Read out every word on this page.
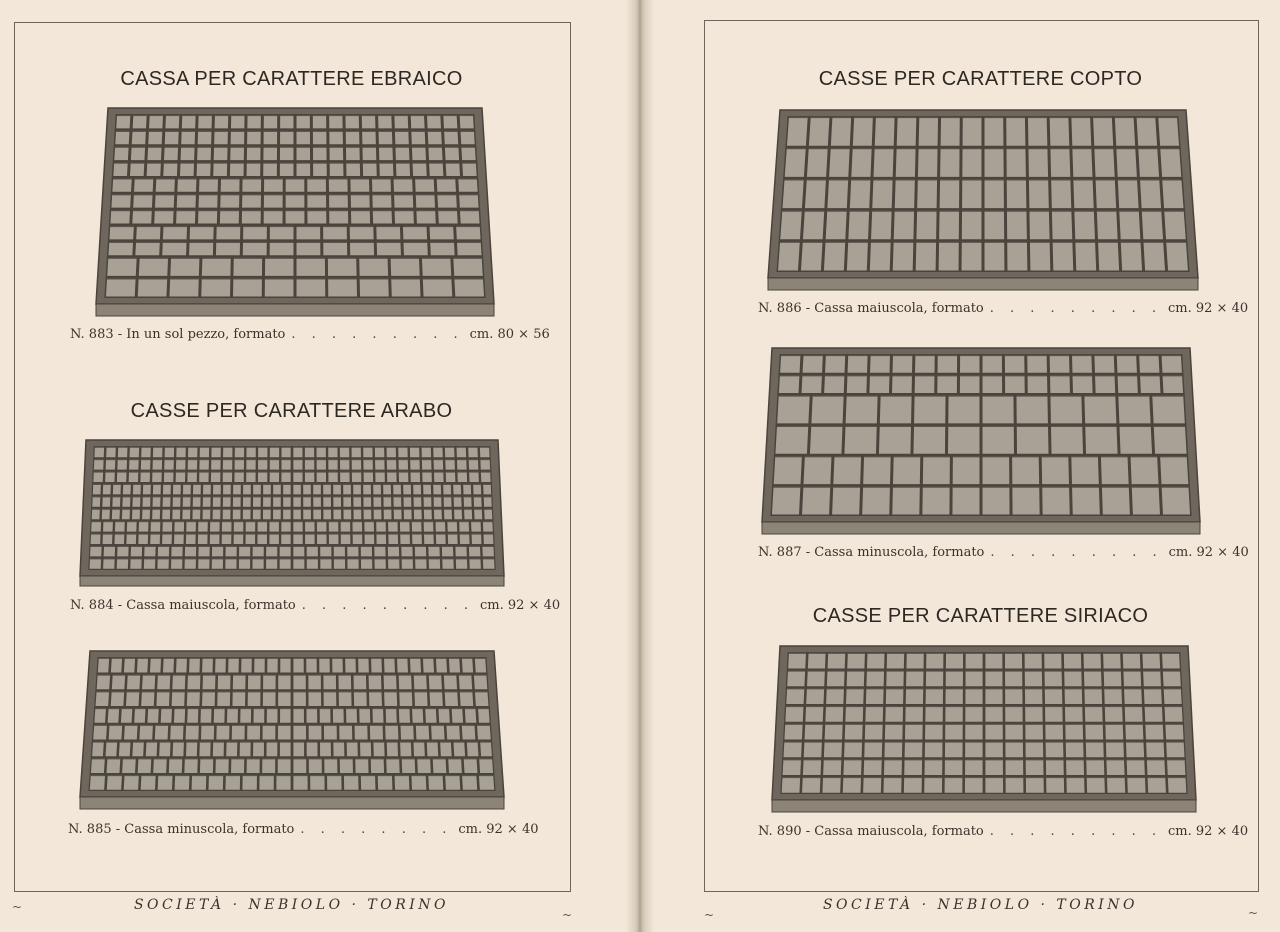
CASSA PER CARATTERE EBRAICO
N. 883 - In un sol pezzo, formato . . . . . . . . . cm. 80 × 56
CASSE PER CARATTERE ARABO
N. 884 - Cassa maiuscola, formato . . . . . . . . . cm. 92 × 40
N. 885 - Cassa minuscola, formato . . . . . . . . cm. 92 × 40
~	SOCIETÀ · NEBIOLO · TORINO
~
CASSE PER CARATTERE COPTO
N. 886 - Cassa maiuscola, formato . . . . . . . . . cm. 92 × 40
N. 887 - Cassa minuscola, formato . . . . . . . . . cm. 92 × 40
CASSE PER CARATTERE SIRIACO
N. 890 - Cassa maiuscola, formato . . . . . . . . . cm. 92 × 40
~
SOCIETÀ · NEBIOLO · TORINO	~
